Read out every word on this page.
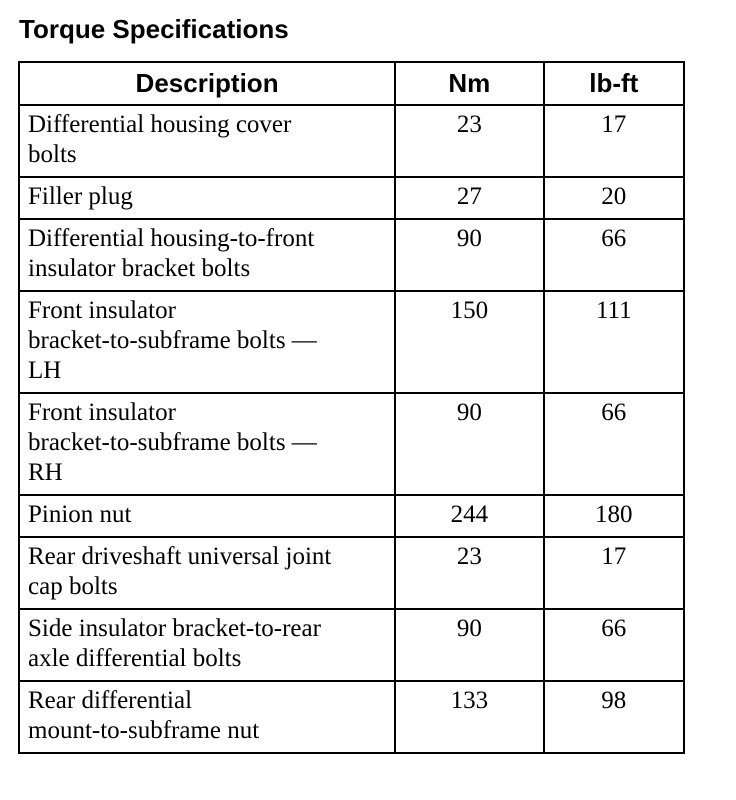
Torque Specifications
Description	Nm	lb-ft

Differential housing cover
bolts	23	17

Filler plug	27	20

Differential housing-to-front
insulator bracket bolts	90	66

Front insulator
bracket-to-subframe bolts —
LH	150	111

Front insulator
bracket-to-subframe bolts —
RH	90	66

Pinion nut	244	180

Rear driveshaft universal joint
cap bolts	23	17

Side insulator bracket-to-rear
axle differential bolts	90	66

Rear differential
mount-to-subframe nut	133	98
